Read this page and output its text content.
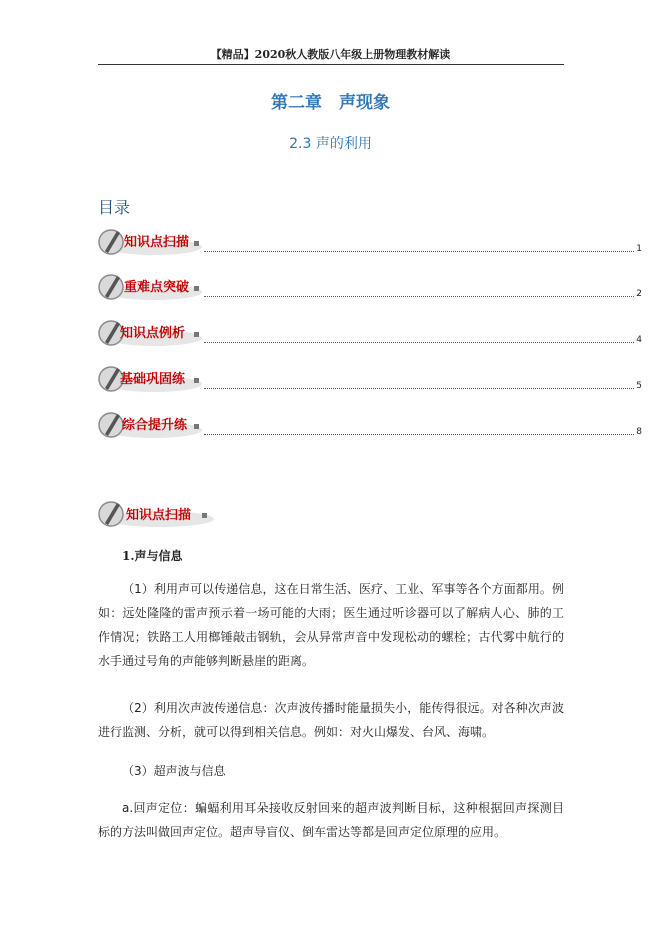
【精品】2020秋人教版八年级上册物理教材解读
第二章　声现象
2.3 声的利用
目录
知识点扫描	1
重难点突破	2
知识点例析	4
基础巩固练	5
综合提升练	8
知识点扫描
1.声与信息
（1）利用声可以传递信息，这在日常生活、医疗、工业、军事等各个方面都用。例如：远处隆隆的雷声预示着一场可能的大雨；医生通过听诊器可以了解病人心、肺的工作情况；铁路工人用榔锤敲击钢轨，会从异常声音中发现松动的螺栓；古代雾中航行的水手通过号角的声能够判断悬崖的距离。
（2）利用次声波传递信息：次声波传播时能量损失小，能传得很远。对各种次声波进行监测、分析，就可以得到相关信息。例如：对火山爆发、台风、海啸。
（3）超声波与信息
a.回声定位：蝙蝠利用耳朵接收反射回来的超声波判断目标，这种根据回声探测目标的方法叫做回声定位。超声导盲仪、倒车雷达等都是回声定位原理的应用。
